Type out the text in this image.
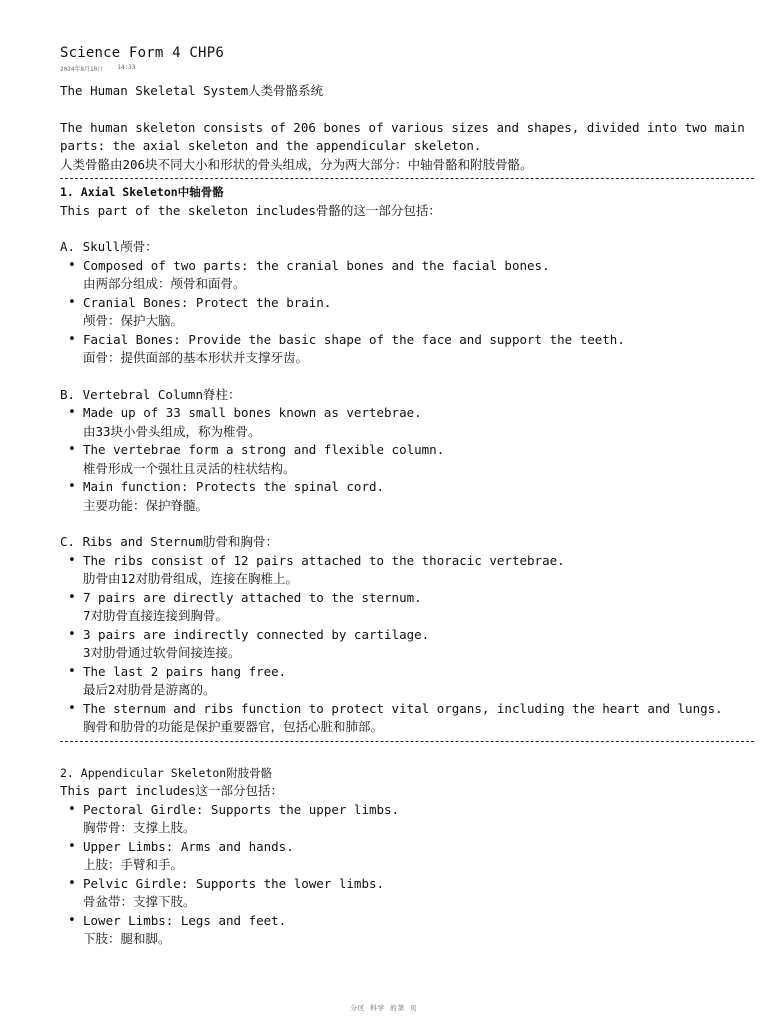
Science Form 4 CHP6
2024年8月10日 14:33
The Human Skeletal System人类骨骼系统
The human skeleton consists of 206 bones of various sizes and shapes, divided into two main
parts: the axial skeleton and the appendicular skeleton.
人类骨骼由206块不同大小和形状的骨头组成，分为两大部分：中轴骨骼和附肢骨骼。
1. Axial Skeleton中轴骨骼
This part of the skeleton includes骨骼的这一部分包括：
A. Skull颅骨：
• Composed of two parts: the cranial bones and the facial bones.
由两部分组成：颅骨和面骨。
• Cranial Bones: Protect the brain.
颅骨：保护大脑。
• Facial Bones: Provide the basic shape of the face and support the teeth.
面骨：提供面部的基本形状并支撑牙齿。
B. Vertebral Column脊柱：
• Made up of 33 small bones known as vertebrae.
由33块小骨头组成，称为椎骨。
• The vertebrae form a strong and flexible column.
椎骨形成一个强壮且灵活的柱状结构。
• Main function: Protects the spinal cord.
主要功能：保护脊髓。
C. Ribs and Sternum肋骨和胸骨：
• The ribs consist of 12 pairs attached to the thoracic vertebrae.
肋骨由12对肋骨组成，连接在胸椎上。
• 7 pairs are directly attached to the sternum.
7对肋骨直接连接到胸骨。
• 3 pairs are indirectly connected by cartilage.
3对肋骨通过软骨间接连接。
• The last 2 pairs hang free.
最后2对肋骨是游离的。
• The sternum and ribs function to protect vital organs, including the heart and lungs.
胸骨和肋骨的功能是保护重要器官，包括心脏和肺部。
2. Appendicular Skeleton附肢骨骼
This part includes这一部分包括：
• Pectoral Girdle: Supports the upper limbs.
胸带骨：支撑上肢。
• Upper Limbs: Arms and hands.
上肢：手臂和手。
• Pelvic Girdle: Supports the lower limbs.
骨盆带：支撑下肢。
• Lower Limbs: Legs and feet.
下肢：腿和脚。
分区 科学 的第 页
